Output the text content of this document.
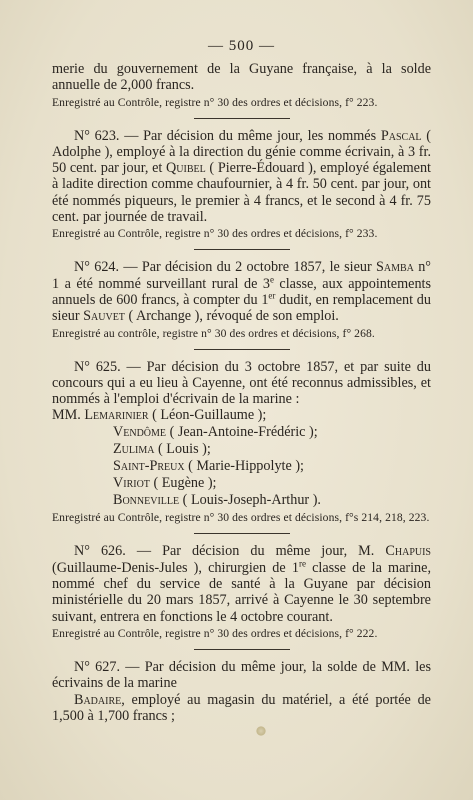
— 500 —

merie du gouvernement de la Guyane française, à la solde annuelle de 2,000 francs.

Enregistré au Contrôle, registre n° 30 des ordres et décisions, f° 223.

N° 623. — Par décision du même jour, les nommés Pascal ( Adolphe ), employé à la direction du génie comme écrivain, à 3 fr. 50 cent. par jour, et Quibel ( Pierre-Édouard ), employé également à ladite direction comme chaufournier, à 4 fr. 50 cent. par jour, ont été nommés piqueurs, le premier à 4 francs, et le second à 4 fr. 75 cent. par journée de travail.

Enregistré au Contrôle, registre n° 30 des ordres et décisions, f° 233.

N° 624. — Par décision du 2 octobre 1857, le sieur Samba n° 1 a été nommé surveillant rural de 3e classe, aux appointements annuels de 600 francs, à compter du 1er dudit, en remplacement du sieur Sauvet ( Archange ), révoqué de son emploi.

Enregistré au contrôle, registre n° 30 des ordres et décisions, f° 268.

N° 625. — Par décision du 3 octobre 1857, et par suite du concours qui a eu lieu à Cayenne, ont été reconnus admissibles, et nommés à l'emploi d'écrivain de la marine :

MM. Lemarinier ( Léon-Guillaume );
Vendôme ( Jean-Antoine-Frédéric );
Zulima ( Louis );
Saint-Preux ( Marie-Hippolyte );
Viriot ( Eugène );
Bonneville ( Louis-Joseph-Arthur ).

Enregistré au Contrôle, registre n° 30 des ordres et décisions, f°s 214, 218, 223.

N° 626. — Par décision du même jour, M. Chapuis (Guillaume-Denis-Jules ), chirurgien de 1re classe de la marine, nommé chef du service de santé à la Guyane par décision ministérielle du 20 mars 1857, arrivé à Cayenne le 30 septembre suivant, entrera en fonctions le 4 octobre courant.

Enregistré au Contrôle, registre n° 30 des ordres et décisions, f° 222.

N° 627. — Par décision du même jour, la solde de MM. les écrivains de la marine

Badaire, employé au magasin du matériel, a été portée de 1,500 à 1,700 francs ;
